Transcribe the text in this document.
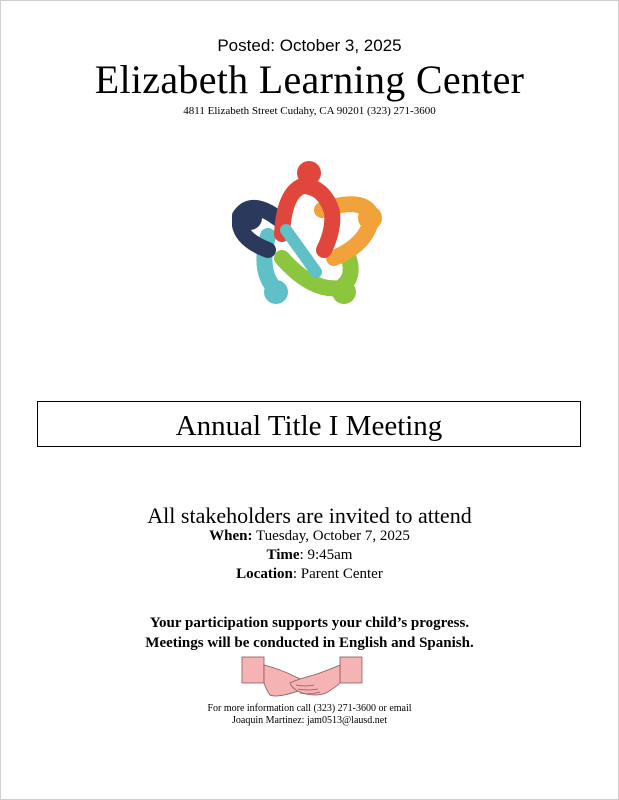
Posted: October 3, 2025
Elizabeth Learning Center
4811 Elizabeth Street Cudahy, CA 90201 (323) 271-3600
Annual Title I Meeting
All stakeholders are invited to attend
When: Tuesday, October 7, 2025
Time: 9:45am
Location: Parent Center
Your participation supports your child’s progress.
Meetings will be conducted in English and Spanish.
For more information call (323) 271-3600 or email
Joaquin Martinez: jam0513@lausd.net
